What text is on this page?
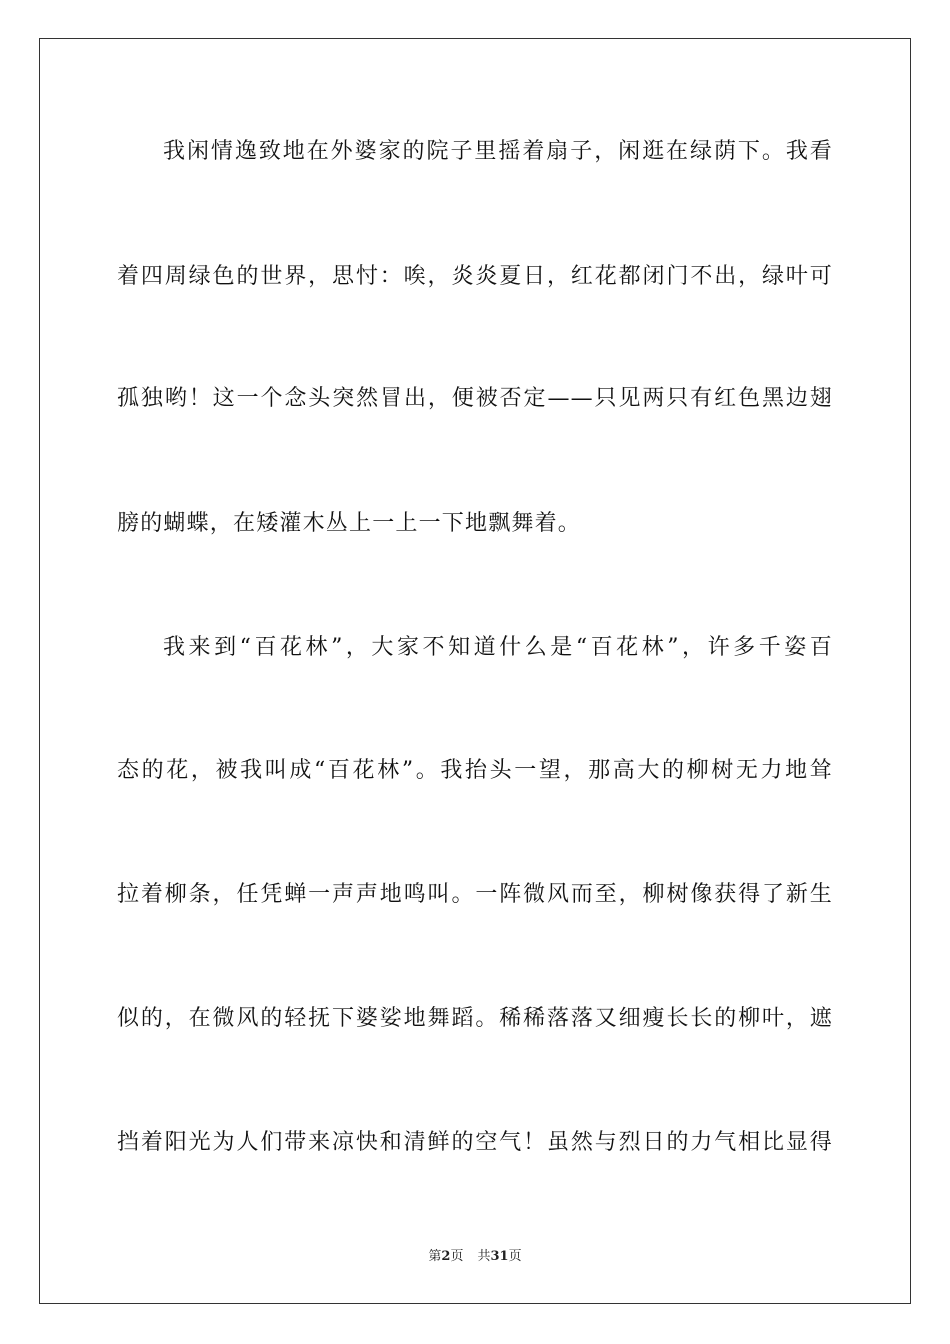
我闲情逸致地在外婆家的院子里摇着扇子，闲逛在绿荫下。我看
着四周绿色的世界，思忖：唉，炎炎夏日，红花都闭门不出，绿叶可
孤独哟！这一个念头突然冒出，便被否定——只见两只有红色黑边翅
膀的蝴蝶，在矮灌木丛上一上一下地飘舞着。
我来到“百花林”，大家不知道什么是“百花林”，许多千姿百
态的花，被我叫成“百花林”。我抬头一望，那高大的柳树无力地耸
拉着柳条，任凭蝉一声声地鸣叫。一阵微风而至，柳树像获得了新生
似的，在微风的轻抚下婆娑地舞蹈。稀稀落落又细瘦长长的柳叶，遮
挡着阳光为人们带来凉快和清鲜的空气！虽然与烈日的力气相比显得
第2页 共31页
